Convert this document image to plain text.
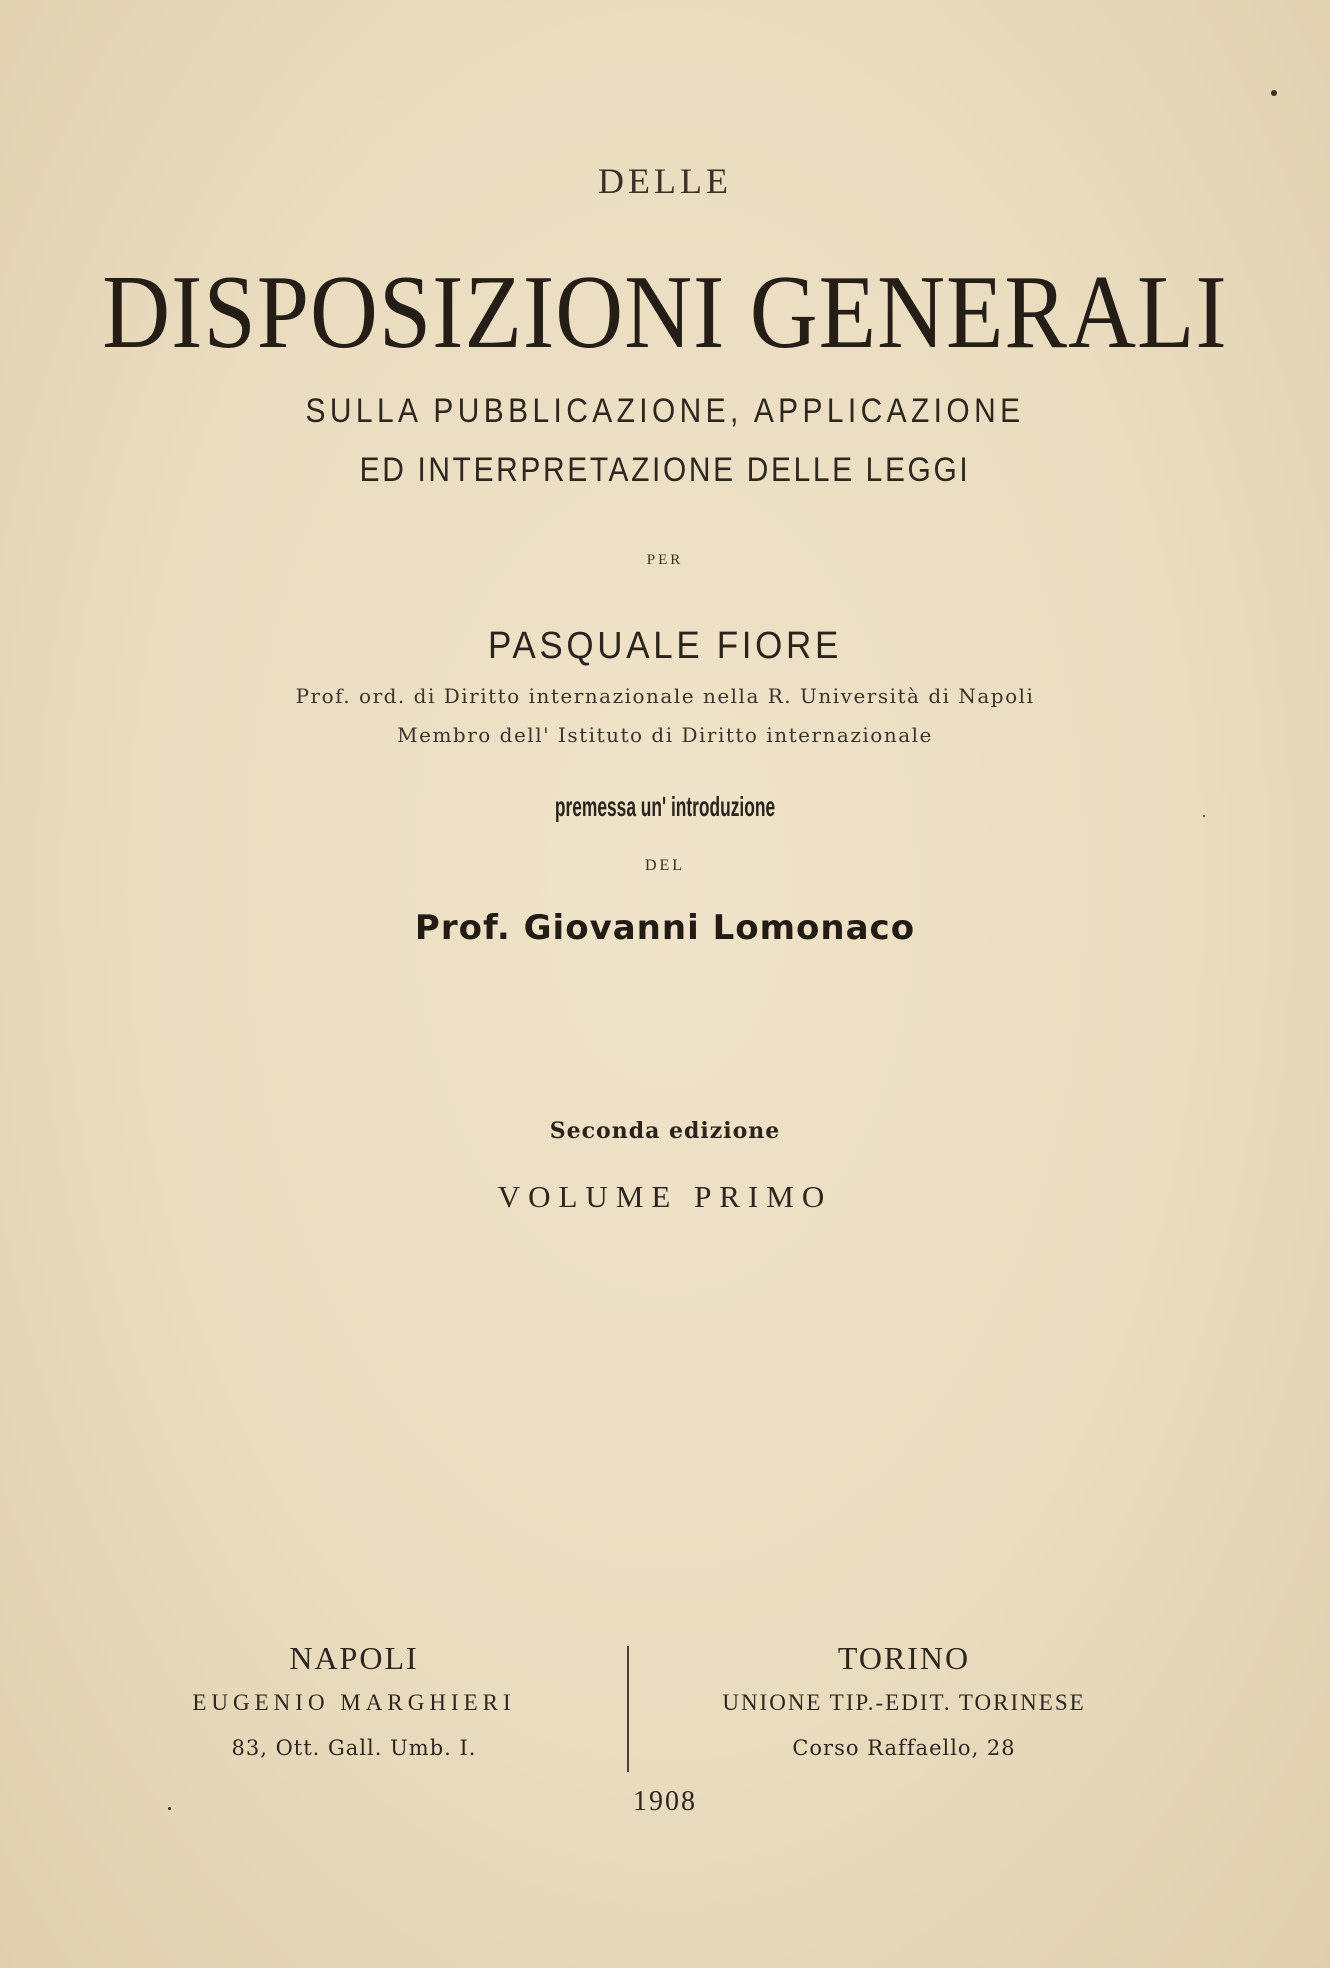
DELLE
DISPOSIZIONI GENERALI
SULLA PUBBLICAZIONE, APPLICAZIONE
ED INTERPRETAZIONE DELLE LEGGI
PER
PASQUALE FIORE
Prof. ord. di Diritto internazionale nella R. Università di Napoli
Membro dell' Istituto di Diritto internazionale
premessa un' introduzione
DEL
Prof. Giovanni Lomonaco
Seconda edizione
VOLUME PRIMO
NAPOLI
EUGENIO MARGHIERI
83, Ott. Gall. Umb. I.
TORINO
UNIONE TIP.-EDIT. TORINESE
Corso Raffaello, 28
1908
